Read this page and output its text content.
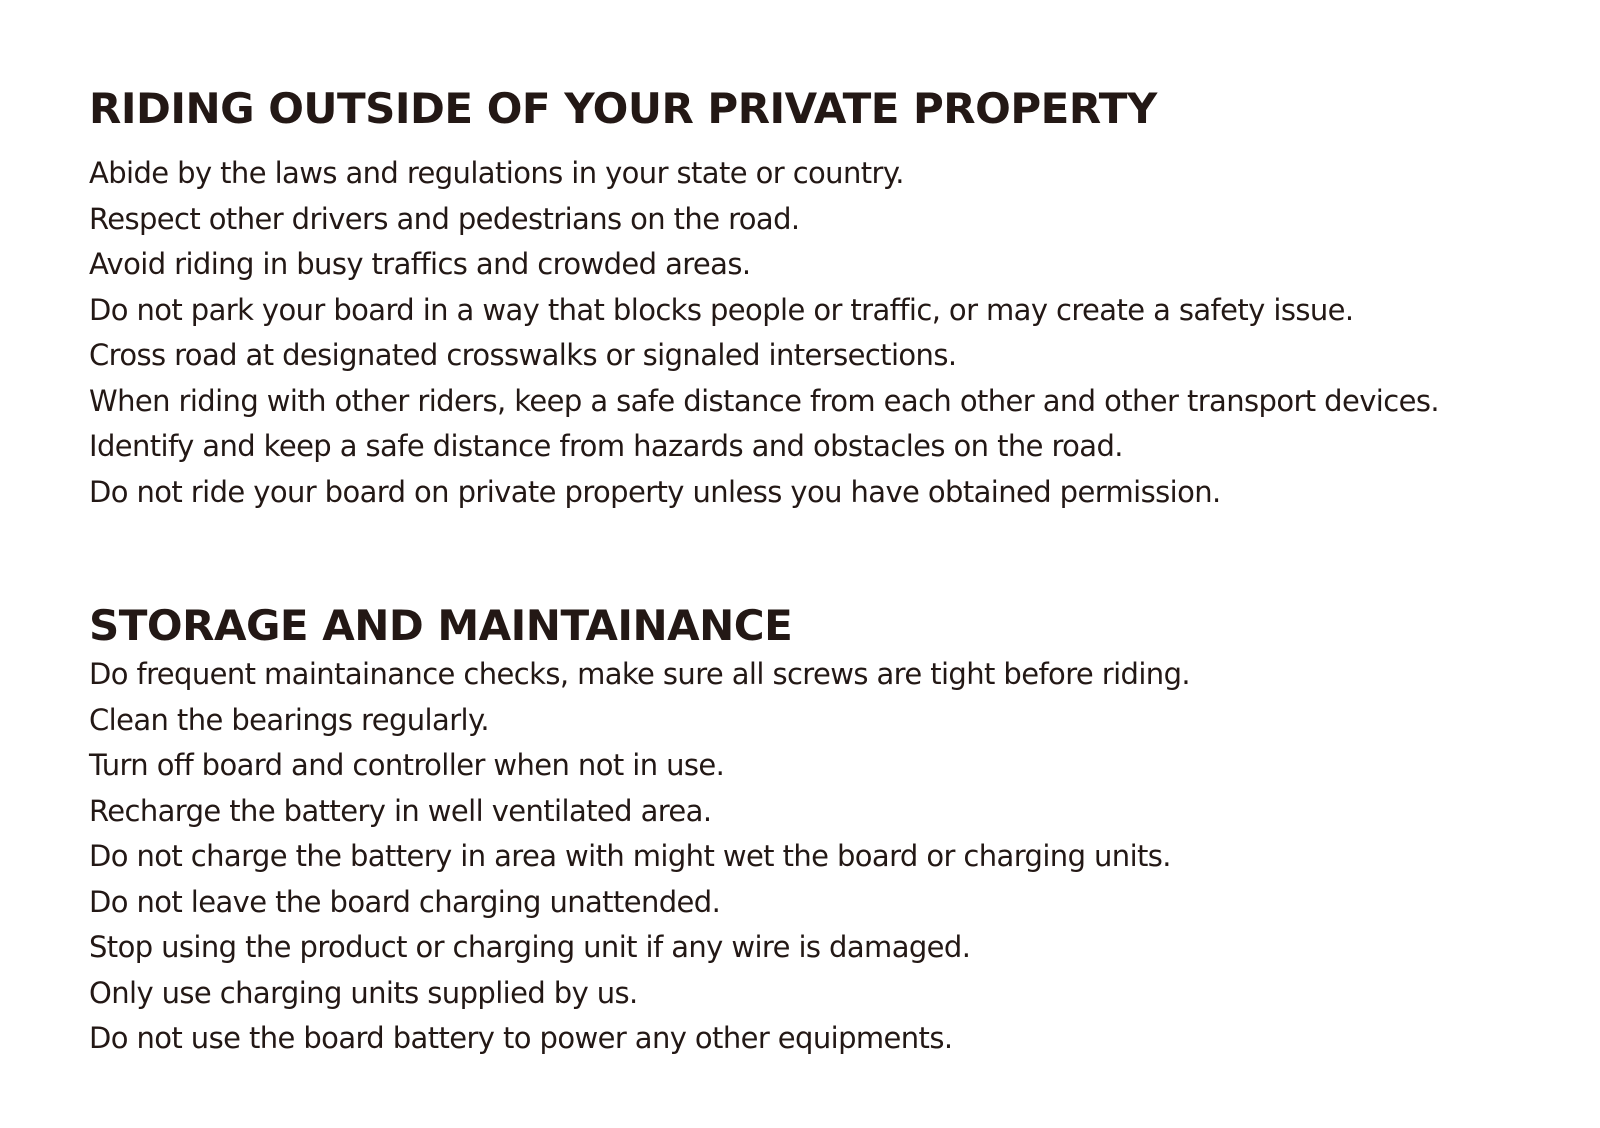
RIDING OUTSIDE OF YOUR PRIVATE PROPERTY
Abide by the laws and regulations in your state or country.
Respect other drivers and pedestrians on the road.
Avoid riding in busy traffics and crowded areas.
Do not park your board in a way that blocks people or traffic, or may create a safety issue.
Cross road at designated crosswalks or signaled intersections.
When riding with other riders, keep a safe distance from each other and other transport devices.
Identify and keep a safe distance from hazards and obstacles on the road.
Do not ride your board on private property unless you have obtained permission.
STORAGE AND MAINTAINANCE
Do frequent maintainance checks, make sure all screws are tight before riding.
Clean the bearings regularly.
Turn off board and controller when not in use.
Recharge the battery in well ventilated area.
Do not charge the battery in area with might wet the board or charging units.
Do not leave the board charging unattended.
Stop using the product or charging unit if any wire is damaged.
Only use charging units supplied by us.
Do not use the board battery to power any other equipments.
